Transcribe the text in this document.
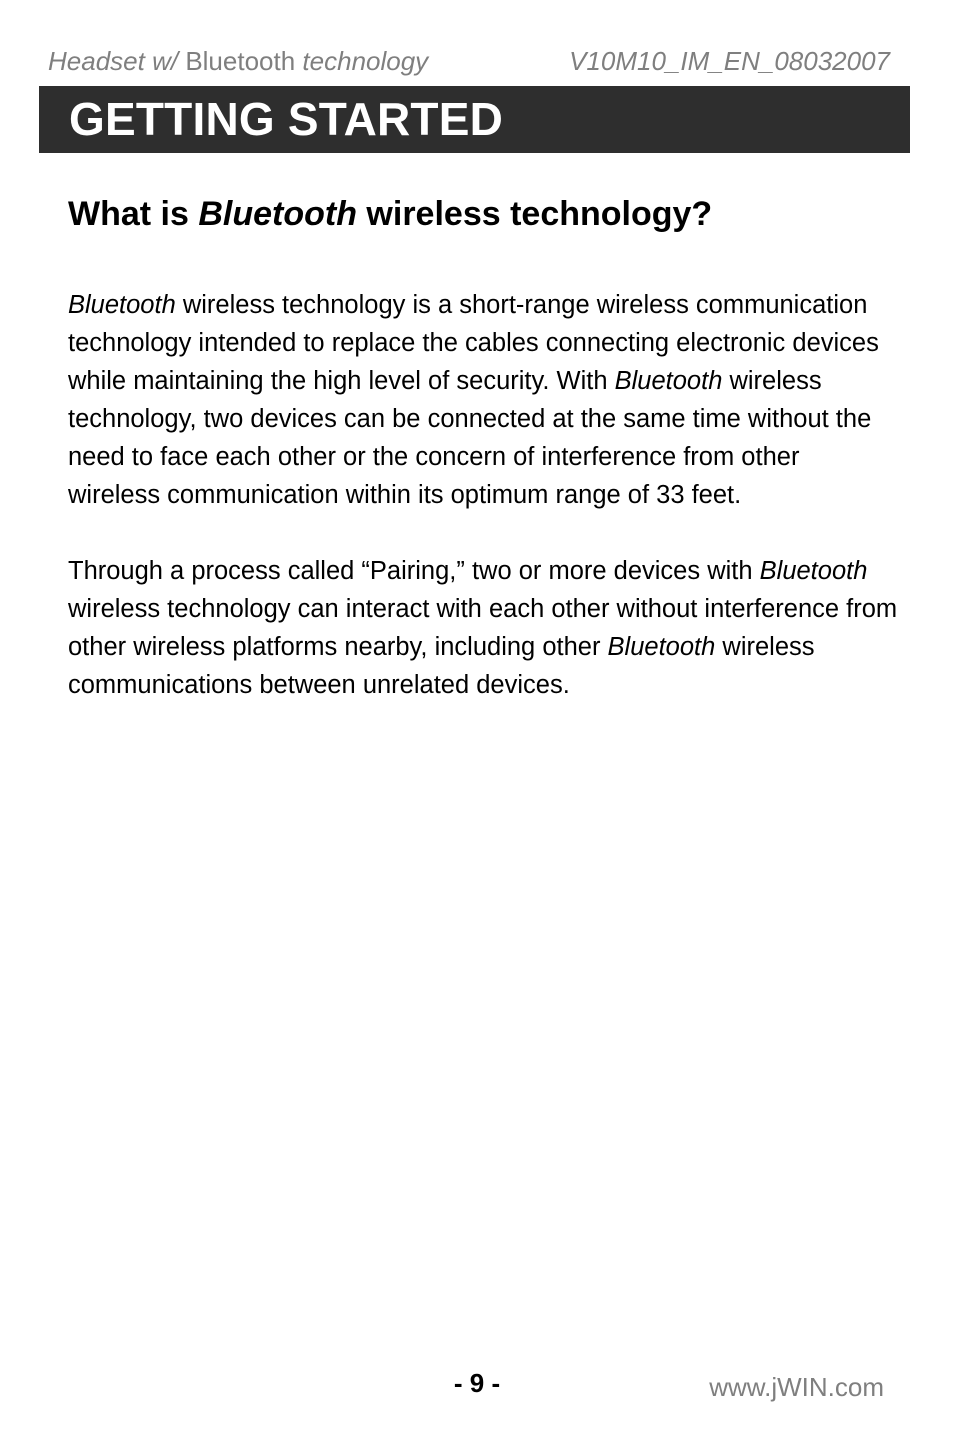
Headset w/ Bluetooth technology	V10M10_IM_EN_08032007
GETTING STARTED
What is Bluetooth wireless technology?

Bluetooth wireless technology is a short-range wireless communication technology intended to replace the cables connecting electronic devices while maintaining the high level of security. With Bluetooth wireless technology, two devices can be connected at the same time without the need to face each other or the concern of interference from other wireless communication within its optimum range of 33 feet.

Through a process called “Pairing,” two or more devices with Bluetooth wireless technology can interact with each other without interference from other wireless platforms nearby, including other Bluetooth wireless communications between unrelated devices.

- 9 -	www.jWIN.com
